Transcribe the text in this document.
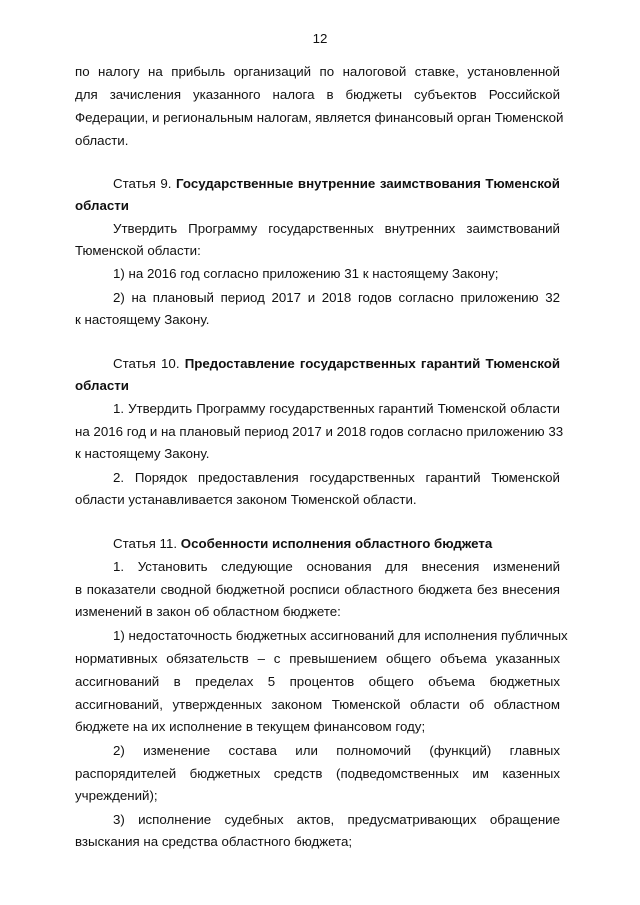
12
по налогу на прибыль организаций по налоговой ставке, установленной
для зачисления указанного налога в бюджеты субъектов Российской
Федерации, и региональным налогам, является финансовый орган Тюменской
области.
Статья 9. Государственные внутренние заимствования Тюменской
области
Утвердить Программу государственных внутренних заимствований
Тюменской области:
1) на 2016 год согласно приложению 31 к настоящему Закону;
2) на плановый период 2017 и 2018 годов согласно приложению 32
к настоящему Закону.
Статья 10. Предоставление государственных гарантий Тюменской
области
1. Утвердить Программу государственных гарантий Тюменской области
на 2016 год и на плановый период 2017 и 2018 годов согласно приложению 33
к настоящему Закону.
2. Порядок предоставления государственных гарантий Тюменской
области устанавливается законом Тюменской области.
Статья 11. Особенности исполнения областного бюджета
1. Установить следующие основания для внесения изменений
в показатели сводной бюджетной росписи областного бюджета без внесения
изменений в закон об областном бюджете:
1) недостаточность бюджетных ассигнований для исполнения публичных
нормативных обязательств – с превышением общего объема указанных
ассигнований в пределах 5 процентов общего объема бюджетных
ассигнований, утвержденных законом Тюменской области об областном
бюджете на их исполнение в текущем финансовом году;
2) изменение состава или полномочий (функций) главных
распорядителей бюджетных средств (подведомственных им казенных
учреждений);
3) исполнение судебных актов, предусматривающих обращение
взыскания на средства областного бюджета;
